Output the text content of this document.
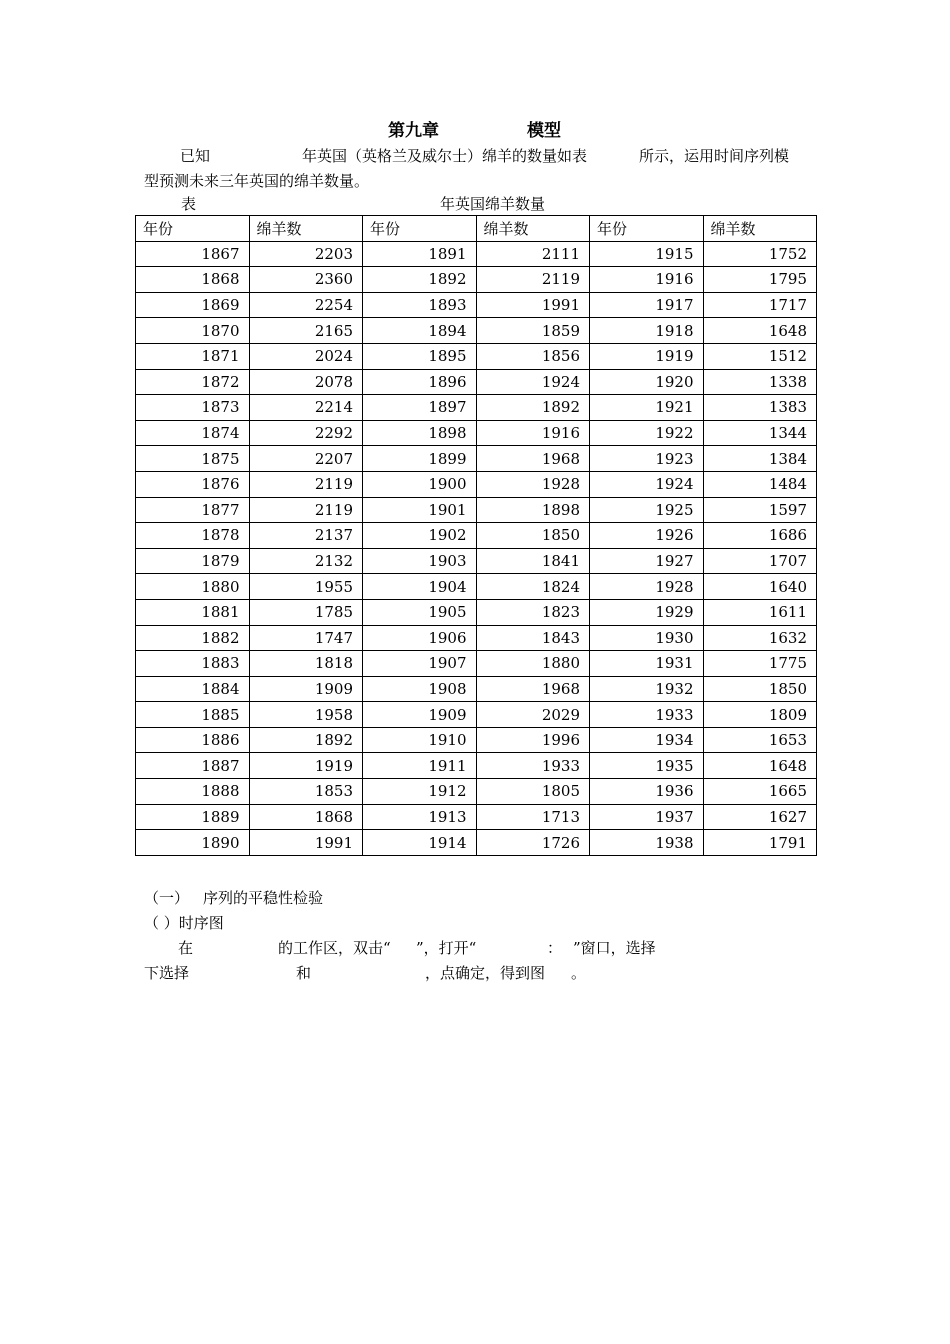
第九章	模型
已知	年英国（英格兰及威尔士）绵羊的数量如表	所示，运用时间序列模
型预测未来三年英国的绵羊数量。
表	年英国绵羊数量
年份	绵羊数	年份	绵羊数	年份	绵羊数
1867	2203	1891	2111	1915	1752
1868	2360	1892	2119	1916	1795
1869	2254	1893	1991	1917	1717
1870	2165	1894	1859	1918	1648
1871	2024	1895	1856	1919	1512
1872	2078	1896	1924	1920	1338
1873	2214	1897	1892	1921	1383
1874	2292	1898	1916	1922	1344
1875	2207	1899	1968	1923	1384
1876	2119	1900	1928	1924	1484
1877	2119	1901	1898	1925	1597
1878	2137	1902	1850	1926	1686
1879	2132	1903	1841	1927	1707
1880	1955	1904	1824	1928	1640
1881	1785	1905	1823	1929	1611
1882	1747	1906	1843	1930	1632
1883	1818	1907	1880	1931	1775
1884	1909	1908	1968	1932	1850
1885	1958	1909	2029	1933	1809
1886	1892	1910	1996	1934	1653
1887	1919	1911	1933	1935	1648
1888	1853	1912	1805	1936	1665
1889	1868	1913	1713	1937	1627
1890	1991	1914	1726	1938	1791
（一） 序列的平稳性检验
（ ）时序图
在	的工作区，双击“ ”，打开“	： ”窗口，选择
下选择	和	，点确定，得到图 。
